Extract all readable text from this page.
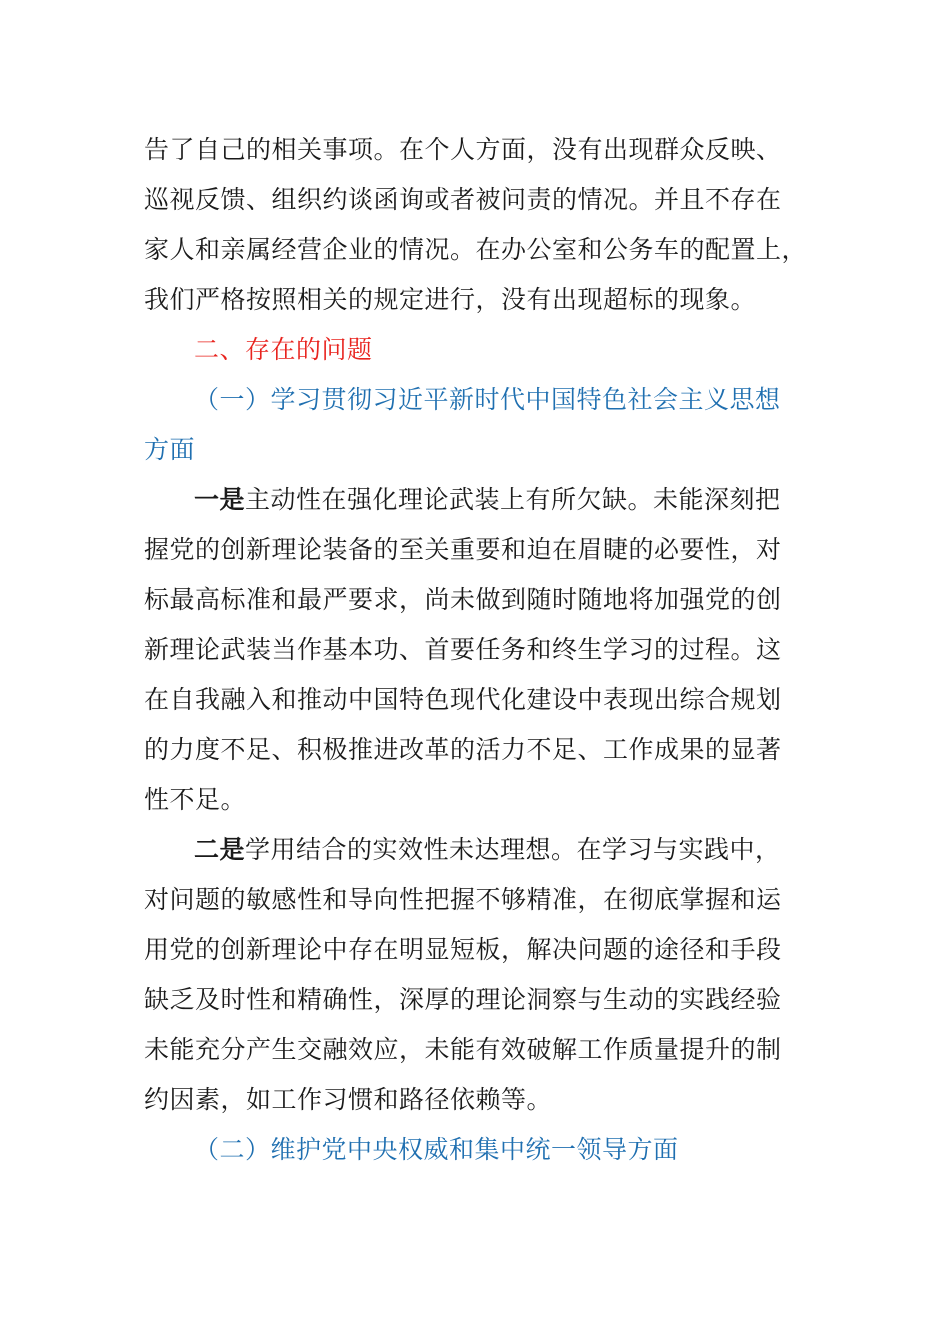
告了自己的相关事项。在个人方面，没有出现群众反映、
巡视反馈、组织约谈函询或者被问责的情况。并且不存在
家人和亲属经营企业的情况。在办公室和公务车的配置上，
我们严格按照相关的规定进行，没有出现超标的现象。
二、存在的问题
（一）学习贯彻习近平新时代中国特色社会主义思想
方面
一是主动性在强化理论武装上有所欠缺。未能深刻把
握党的创新理论装备的至关重要和迫在眉睫的必要性，对
标最高标准和最严要求，尚未做到随时随地将加强党的创
新理论武装当作基本功、首要任务和终生学习的过程。这
在自我融入和推动中国特色现代化建设中表现出综合规划
的力度不足、积极推进改革的活力不足、工作成果的显著
性不足。
二是学用结合的实效性未达理想。在学习与实践中，
对问题的敏感性和导向性把握不够精准，在彻底掌握和运
用党的创新理论中存在明显短板，解决问题的途径和手段
缺乏及时性和精确性，深厚的理论洞察与生动的实践经验
未能充分产生交融效应，未能有效破解工作质量提升的制
约因素，如工作习惯和路径依赖等。
（二）维护党中央权威和集中统一领导方面
